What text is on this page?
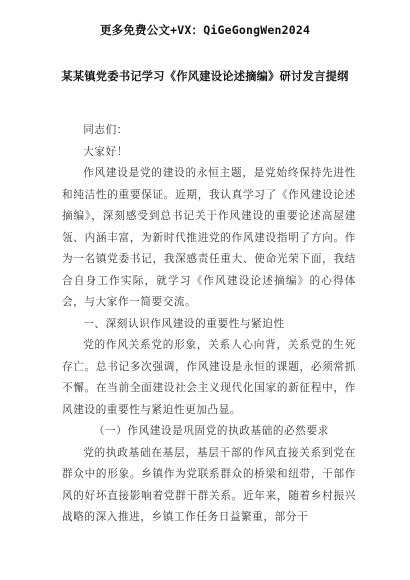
更多免费公文+VX：QiGeGongWen2024
某某镇党委书记学习《作风建设论述摘编》研讨发言提纲

同志们：

大家好！

作风建设是党的建设的永恒主题，是党始终保持先进性和纯洁性的重要保证。近期，我认真学习了《作风建设论述摘编》，深刻感受到总书记关于作风建设的重要论述高屋建瓴、内涵丰富，为新时代推进党的作风建设指明了方向。作为一名镇党委书记，我深感责任重大、使命光荣下面，我结合自身工作实际，就学习《作风建设论述摘编》的心得体会，与大家作一简要交流。

一、深刻认识作风建设的重要性与紧迫性

党的作风关系党的形象，关系人心向背，关系党的生死存亡。总书记多次强调，作风建设是永恒的课题，必须常抓不懈。在当前全面建设社会主义现代化国家的新征程中，作风建设的重要性与紧迫性更加凸显。

（一）作风建设是巩固党的执政基础的必然要求

党的执政基础在基层，基层干部的作风直接关系到党在群众中的形象。乡镇作为党联系群众的桥梁和纽带，干部作风的好坏直接影响着党群干群关系。近年来，随着乡村振兴战略的深入推进，乡镇工作任务日益繁重，部分干
